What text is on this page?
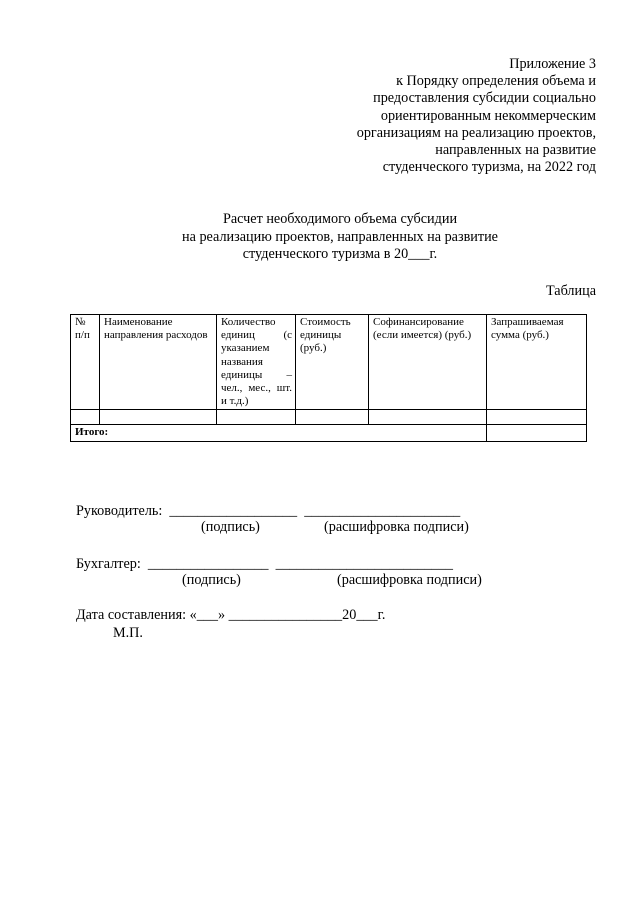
Приложение 3
к Порядку определения объема и
предоставления субсидии социально
ориентированным некоммерческим
организациям на реализацию проектов,
направленных на развитие
студенческого туризма, на 2022 год
Расчет необходимого объема субсидии
на реализацию проектов, направленных на развитие
студенческого туризма в 20___г.
Таблица
№ п/п	Наименование направления расходов	Количество единиц (с указанием названия единицы – чел., мес., шт. и т.д.)	Стоимость единицы (руб.)	Софинансирование (если имеется) (руб.)	Запрашиваемая сумма (руб.)

Итого:					
Руководитель:  __________________  ______________________
(подпись)	(расшифровка подписи)
Бухгалтер:  _________________  _________________________
(подпись)	(расшифровка подписи)
Дата составления: «___» ________________20___г.
М.П.
